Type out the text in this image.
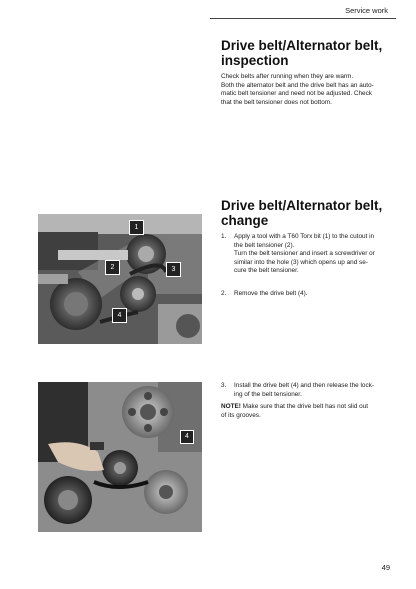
Service work
Drive belt/Alternator belt,
inspection

Check belts after running when they are warm.
Both the alternator belt and the drive belt has an auto-
matic belt tensioner and need not be adjusted. Check
that the belt tensioner does not bottom.

Drive belt/Alternator belt,
change
1. Apply a tool with a T60 Torx bit (1) to the cutout in
the belt tensioner (2).
Turn the belt tensioner and insert a screwdriver or
similar into the hole (3) which opens up and se-
cure the belt tensioner.
2. Remove the drive belt (4).
3. Install the drive belt (4) and then release the lock-
ing of the belt tensioner.

NOTE! Make sure that the drive belt has not slid out
of its grooves.

1
2	3
4
4
49
